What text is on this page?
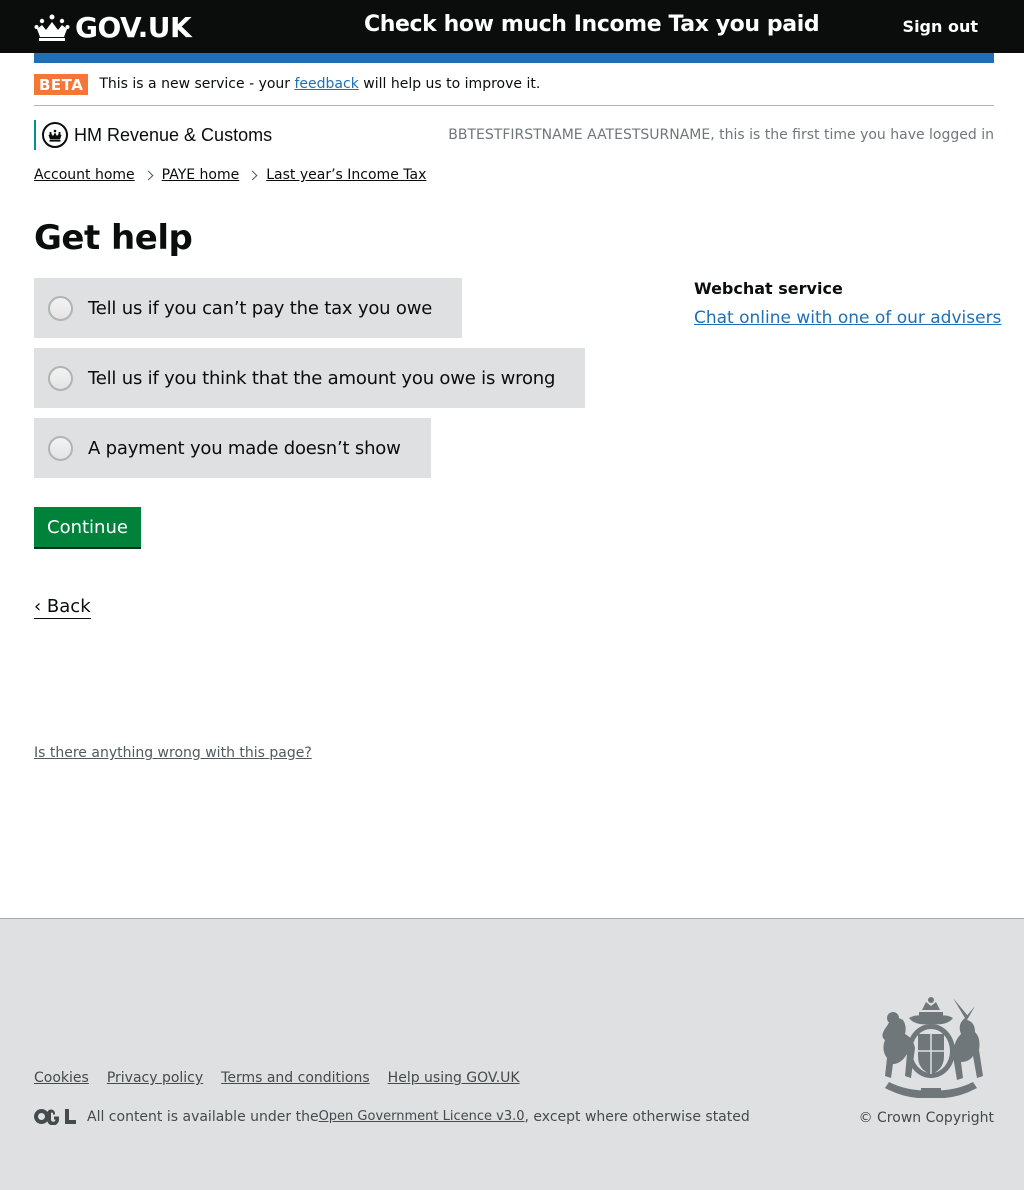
GOV.UK	Check how much Income Tax you paid	Sign out
BETA	This is a new service - your feedback will help us to improve it.
HM Revenue & Customs	BBTESTFIRSTNAME AATESTSURNAME, this is the first time you have logged in
Account home PAYE home Last year’s Income Tax
Get help
Tell us if you can’t pay the tax you owe
Tell us if you think that the amount you owe is wrong
A payment you made doesn’t show
Continue
‹ Back
Webchat service
Chat online with one of our advisers
Is there anything wrong with this page?
Cookies Privacy policy Terms and conditions Help using GOV.UK
All content is available under the Open Government Licence v3.0 , except where otherwise stated	© Crown Copyright
